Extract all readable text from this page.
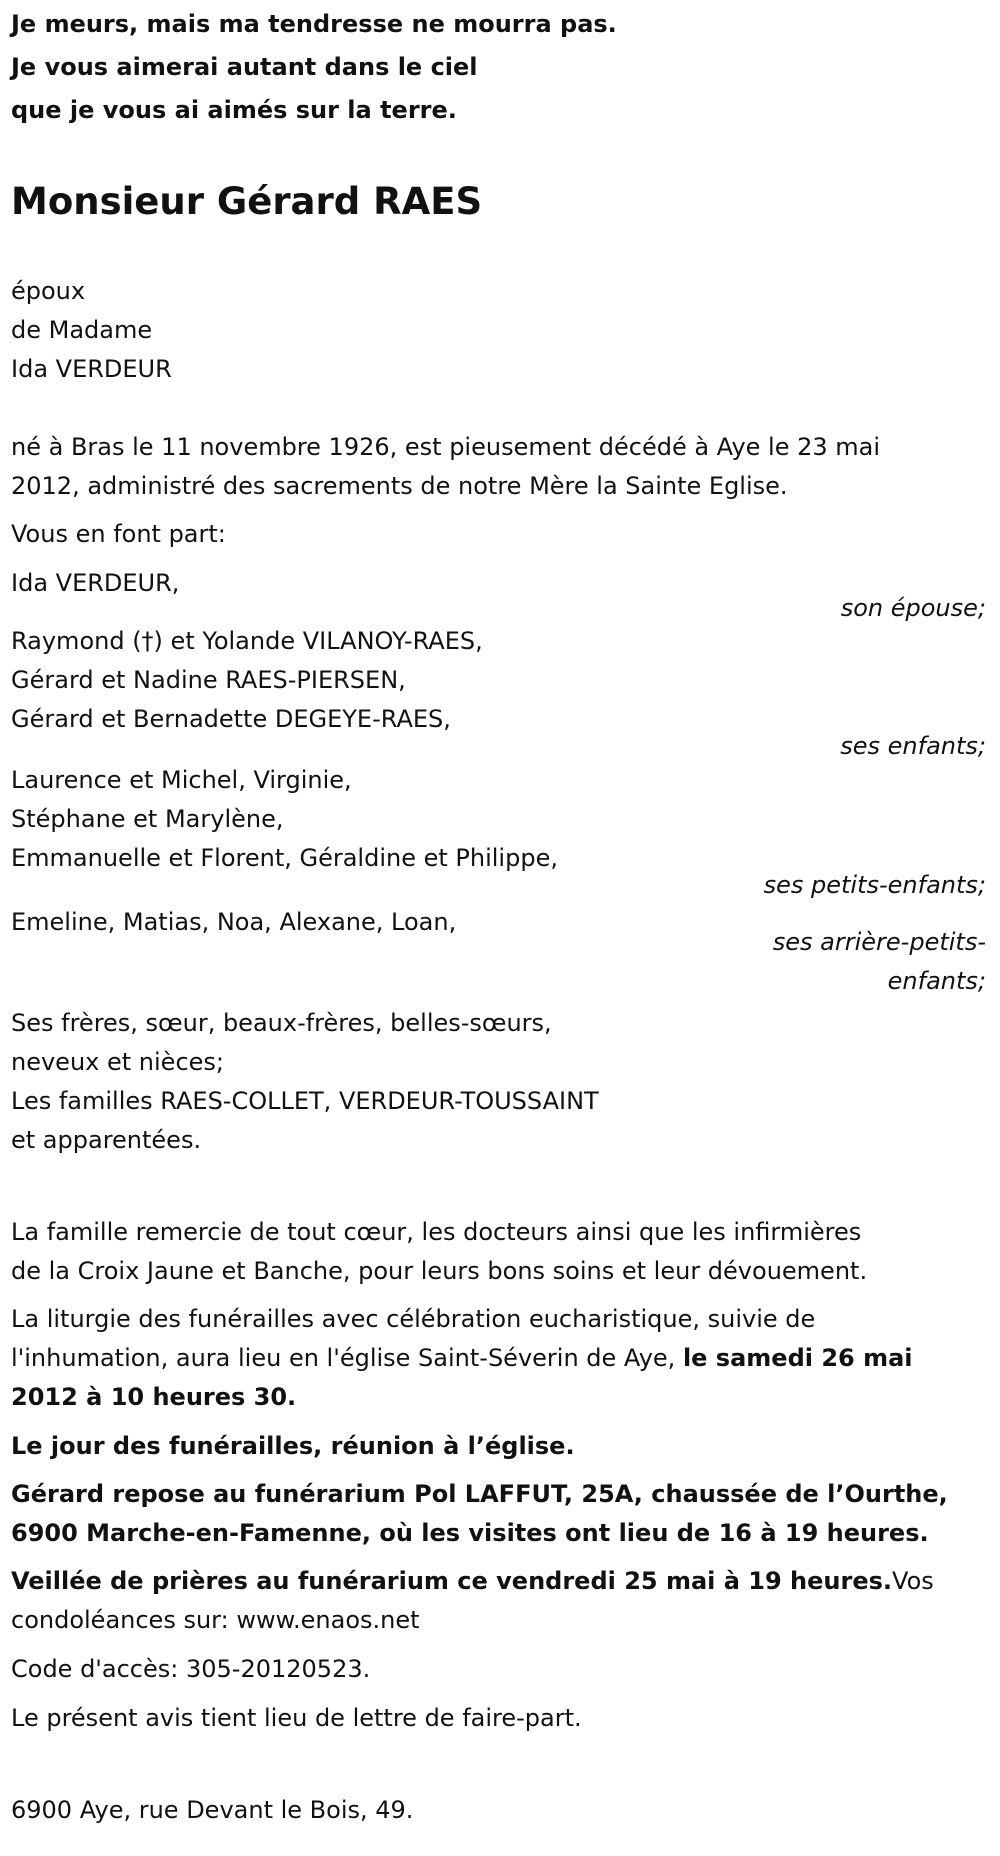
Je meurs, mais ma tendresse ne mourra pas.
Je vous aimerai autant dans le ciel
que je vous ai aimés sur la terre.
Monsieur Gérard RAES
époux
de Madame
Ida VERDEUR
né à Bras le 11 novembre 1926, est pieusement décédé à Aye le 23 mai
2012, administré des sacrements de notre Mère la Sainte Eglise.
Vous en font part:
Ida VERDEUR,
son épouse;
Raymond (†) et Yolande VILANOY-RAES,
Gérard et Nadine RAES-PIERSEN,
Gérard et Bernadette DEGEYE-RAES,
ses enfants;
Laurence et Michel, Virginie,
Stéphane et Marylène,
Emmanuelle et Florent, Géraldine et Philippe,
ses petits-enfants;
Emeline, Matias, Noa, Alexane, Loan,
ses arrière-petits-
enfants;
Ses frères, sœur, beaux-frères, belles-sœurs,
neveux et nièces;
Les familles RAES-COLLET, VERDEUR-TOUSSAINT
et apparentées.
La famille remercie de tout cœur, les docteurs ainsi que les infirmières
de la Croix Jaune et Banche, pour leurs bons soins et leur dévouement.
La liturgie des funérailles avec célébration eucharistique, suivie de
l'inhumation, aura lieu en l'église Saint-Séverin de Aye, le samedi 26 mai
2012 à 10 heures 30.
Le jour des funérailles, réunion à l’église.
Gérard repose au funérarium Pol LAFFUT, 25A, chaussée de l’Ourthe,
6900 Marche-en-Famenne, où les visites ont lieu de 16 à 19 heures.
Veillée de prières au funérarium ce vendredi 25 mai à 19 heures.Vos
condoléances sur: www.enaos.net
Code d'accès: 305-20120523.
Le présent avis tient lieu de lettre de faire-part.
6900 Aye, rue Devant le Bois, 49.
